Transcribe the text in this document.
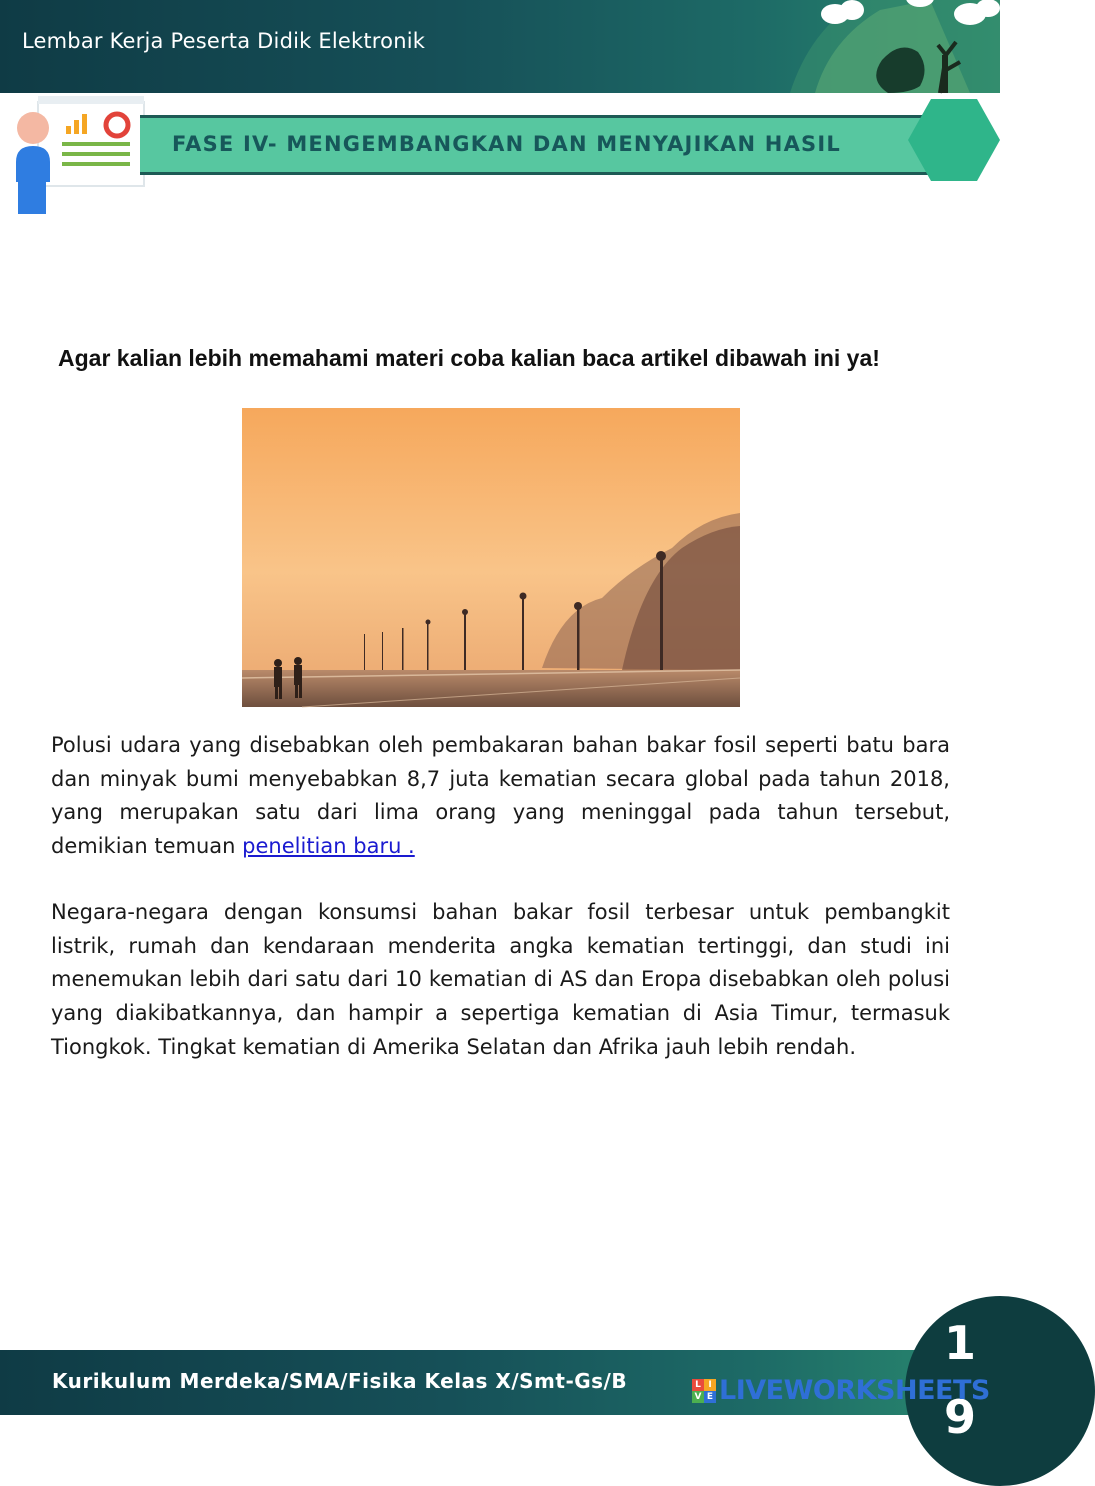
Lembar Kerja Peserta Didik Elektronik
FASE IV- MENGEMBANGKAN DAN MENYAJIKAN HASIL
Agar kalian lebih memahami materi coba kalian baca artikel dibawah ini ya!
Polusi udara yang disebabkan oleh pembakaran bahan bakar fosil seperti batu bara dan minyak bumi menyebabkan 8,7 juta kematian secara global pada tahun 2018, yang merupakan satu dari lima orang yang meninggal pada tahun tersebut, demikian temuan penelitian baru .
Negara-negara dengan konsumsi bahan bakar fosil terbesar untuk pembangkit listrik, rumah dan kendaraan menderita angka kematian tertinggi, dan studi ini menemukan lebih dari satu dari 10 kematian di AS dan Eropa disebabkan oleh polusi yang diakibatkannya, dan hampir a sepertiga kematian di Asia Timur, termasuk Tiongkok. Tingkat kematian di Amerika Selatan dan Afrika jauh lebih rendah.
Kurikulum Merdeka/SMA/Fisika Kelas X/Smt-Gs/B
1
9
L I
V E LIVEWORKSHEETS
